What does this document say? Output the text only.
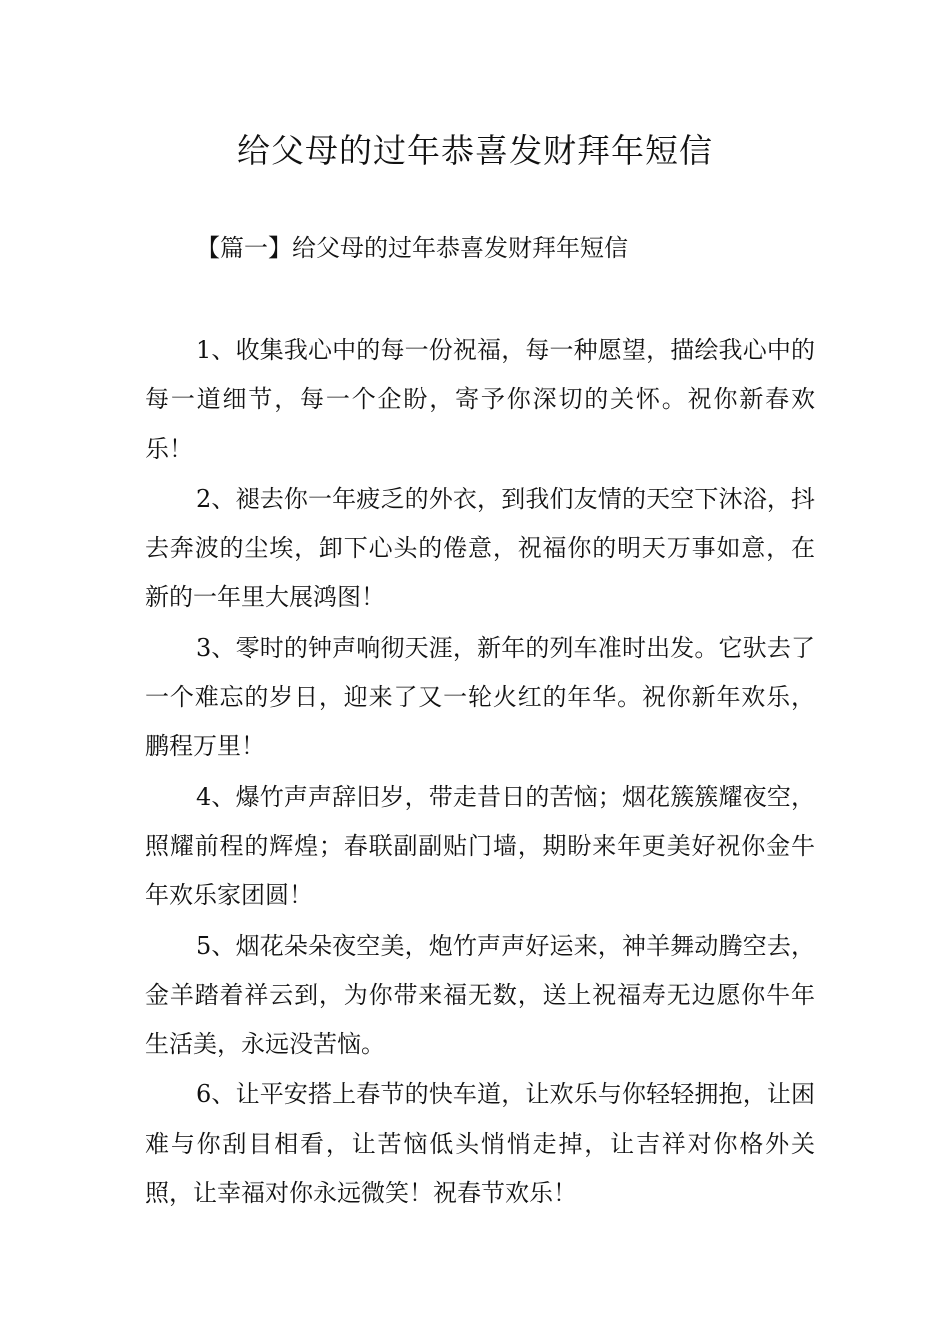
给父母的过年恭喜发财拜年短信

【篇一】给父母的过年恭喜发财拜年短信

1、收集我心中的每一份祝福，每一种愿望，描绘我心中的每一道细节，每一个企盼，寄予你深切的关怀。祝你新春欢乐！

2、褪去你一年疲乏的外衣，到我们友情的天空下沐浴，抖去奔波的尘埃，卸下心头的倦意，祝福你的明天万事如意，在新的一年里大展鸿图！

3、零时的钟声响彻天涯，新年的列车准时出发。它驮去了一个难忘的岁日，迎来了又一轮火红的年华。祝你新年欢乐，鹏程万里！

4、爆竹声声辞旧岁，带走昔日的苦恼；烟花簇簇耀夜空，照耀前程的辉煌；春联副副贴门墙，期盼来年更美好祝你金牛年欢乐家团圆！

5、烟花朵朵夜空美，炮竹声声好运来，神羊舞动腾空去，金羊踏着祥云到，为你带来福无数，送上祝福寿无边愿你牛年生活美，永远没苦恼。

6、让平安搭上春节的快车道，让欢乐与你轻轻拥抱，让困难与你刮目相看，让苦恼低头悄悄走掉，让吉祥对你格外关照，让幸福对你永远微笑！祝春节欢乐！
